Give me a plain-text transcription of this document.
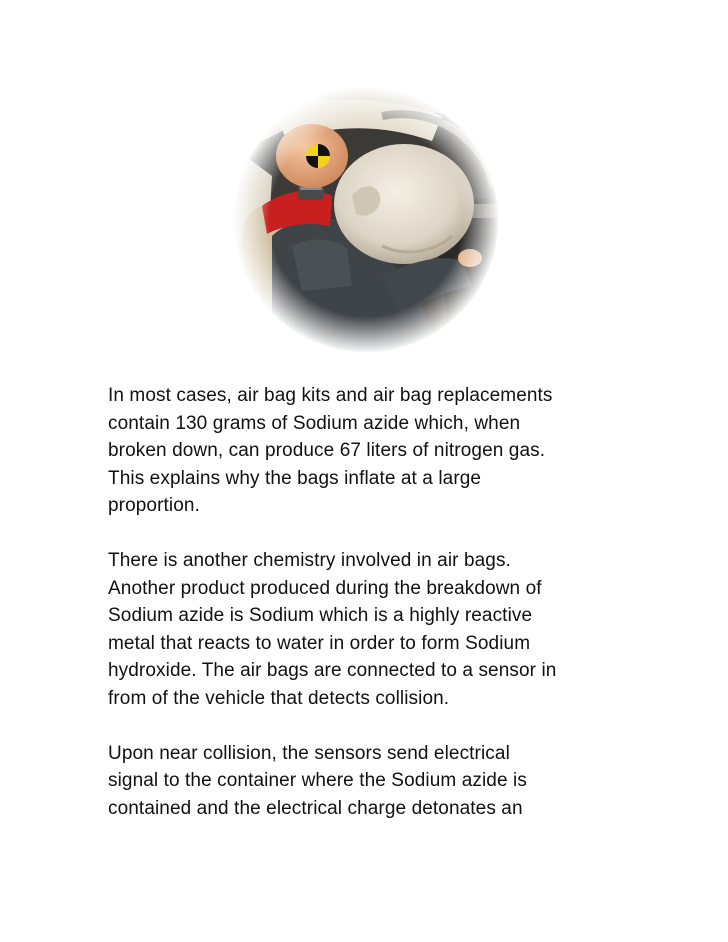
In most cases, air bag kits and air bag replacements
contain 130 grams of Sodium azide which, when
broken down, can produce 67 liters of nitrogen gas.
This explains why the bags inflate at a large
proportion.
There is another chemistry involved in air bags.
Another product produced during the breakdown of
Sodium azide is Sodium which is a highly reactive
metal that reacts to water in order to form Sodium
hydroxide. The air bags are connected to a sensor in
from of the vehicle that detects collision.
Upon near collision, the sensors send electrical
signal to the container where the Sodium azide is
contained and the electrical charge detonates an
